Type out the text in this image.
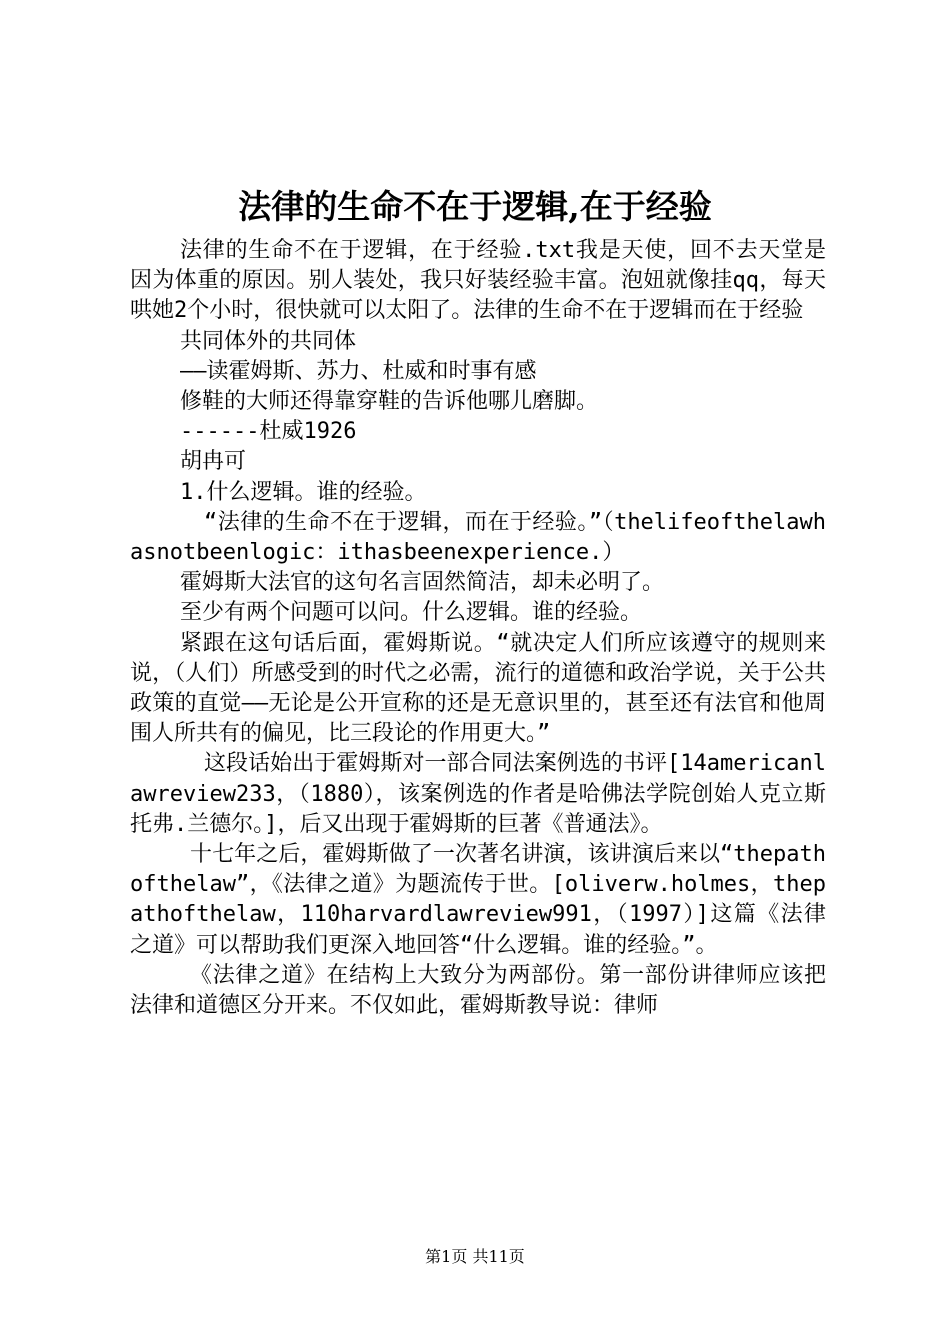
法律的生命不在于逻辑,在于经验

法律的生命不在于逻辑，在于经验.txt我是天使，回不去天堂是因为体重的原因。别人装处，我只好装经验丰富。泡妞就像挂qq，每天哄她2个小时，很快就可以太阳了。法律的生命不在于逻辑而在于经验

共同体外的共同体

——读霍姆斯、苏力、杜威和时事有感

修鞋的大师还得靠穿鞋的告诉他哪儿磨脚。

------杜威1926

胡冉可

1.什么逻辑。谁的经验。

“法律的生命不在于逻辑，而在于经验。”（thelifeofthelawhasnotbeenlogic：ithasbeenexperience.）

霍姆斯大法官的这句名言固然简洁，却未必明了。

至少有两个问题可以问。什么逻辑。谁的经验。

紧跟在这句话后面，霍姆斯说。“就决定人们所应该遵守的规则来说，（人们）所感受到的时代之必需，流行的道德和政治学说，关于公共政策的直觉——无论是公开宣称的还是无意识里的，甚至还有法官和他周围人所共有的偏见，比三段论的作用更大。”

这段话始出于霍姆斯对一部合同法案例选的书评[14americanlawreview233，（1880），该案例选的作者是哈佛法学院创始人克立斯托弗.兰德尔。]，后又出现于霍姆斯的巨著《普通法》。

十七年之后，霍姆斯做了一次著名讲演，该讲演后来以“thepathofthelaw”，《法律之道》为题流传于世。[oliverw.holmes，thepathofthelaw，110harvardlawreview991，（1997）]这篇《法律之道》可以帮助我们更深入地回答“什么逻辑。谁的经验。”。

《法律之道》在结构上大致分为两部份。第一部份讲律师应该把法律和道德区分开来。不仅如此，霍姆斯教导说：律师

第1页 共11页
